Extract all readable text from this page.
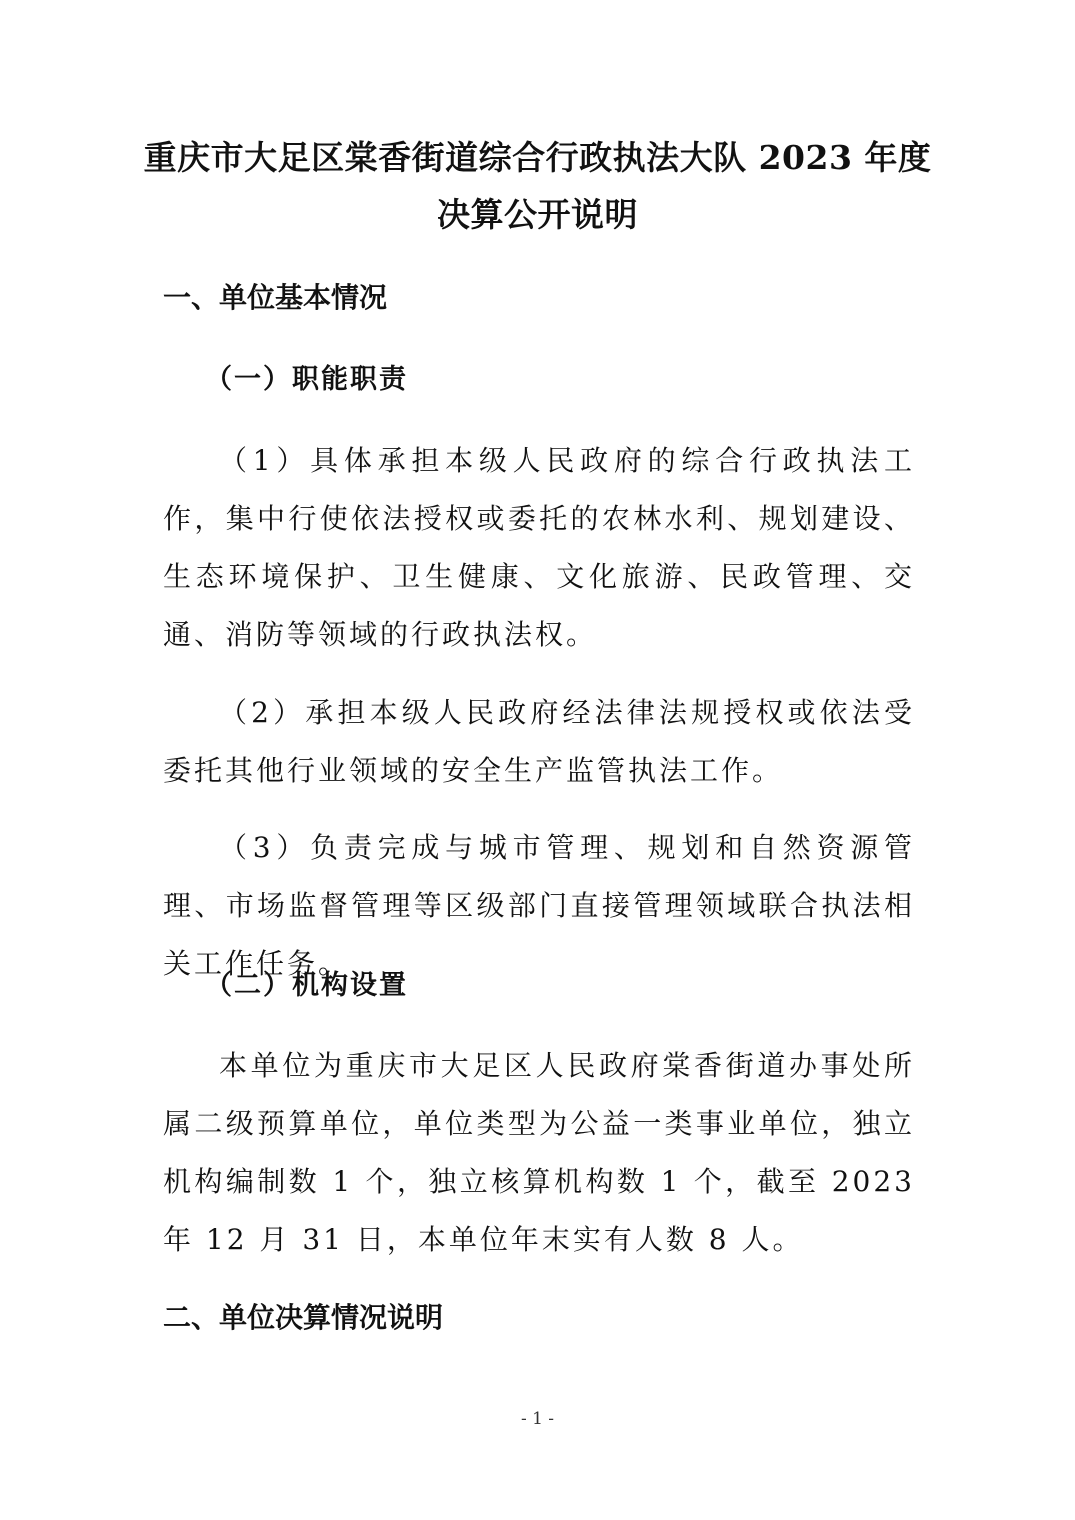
重庆市大足区棠香街道综合行政执法大队 2023 年度
决算公开说明
一、单位基本情况
（一）职能职责

（1）具体承担本级人民政府的综合行政执法工作，集中行使依法授权或委托的农林水利、规划建设、生态环境保护、卫生健康、文化旅游、民政管理、交通、消防等领域的行政执法权。

（2）承担本级人民政府经法律法规授权或依法受委托其他行业领域的安全生产监管执法工作。

（3）负责完成与城市管理、规划和自然资源管理、市场监督管理等区级部门直接管理领域联合执法相关工作任务。

（二）机构设置

本单位为重庆市大足区人民政府棠香街道办事处所属二级预算单位，单位类型为公益一类事业单位，独立机构编制数 1 个，独立核算机构数 1 个，截至 2023 年 12 月 31 日，本单位年末实有人数 8 人。

二、单位决算情况说明
- 1 -
